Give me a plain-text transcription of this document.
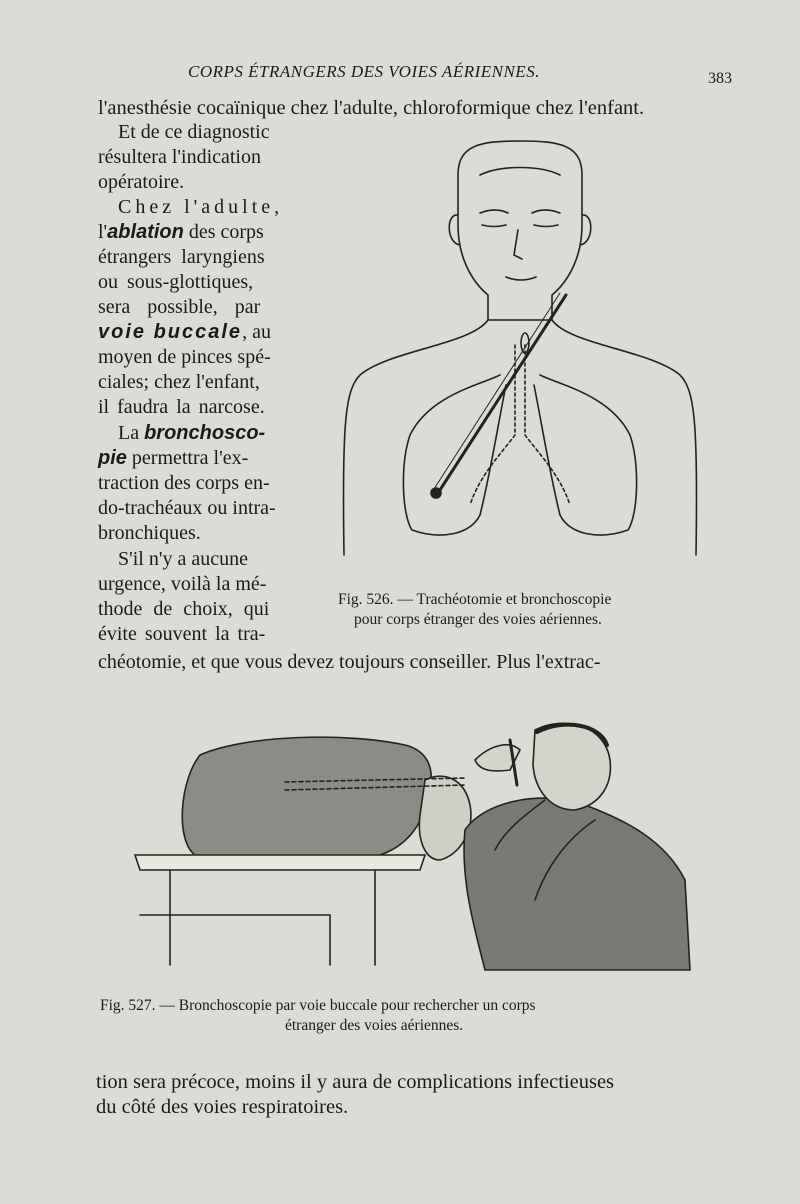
CORPS ÉTRANGERS DES VOIES AÉRIENNES.	383
l'anesthésie cocaïnique chez l'adulte, chloroformique chez l'enfant.
Et de ce diagnostic
résultera l'indication
opératoire.
Chez l'adulte,
l'ablation des corps
étrangers laryngiens
ou sous-glottiques,
sera possible, par
voie buccale, au
moyen de pinces spé-
ciales; chez l'enfant,
il faudra la narcose.
La bronchosco-
pie permettra l'ex-
traction des corps en-
do-trachéaux ou intra-
bronchiques.
S'il n'y a aucune
urgence, voilà la mé-
thode de choix, qui
évite souvent la tra-
chéotomie, et que vous devez toujours conseiller. Plus l'extrac-
Fig. 526. — Trachéotomie et bronchoscopie
pour corps étranger des voies aériennes.
Fig. 527. — Bronchoscopie par voie buccale pour rechercher un corps
étranger des voies aériennes.
tion sera précoce, moins il y aura de complications infectieuses
du côté des voies respiratoires.
